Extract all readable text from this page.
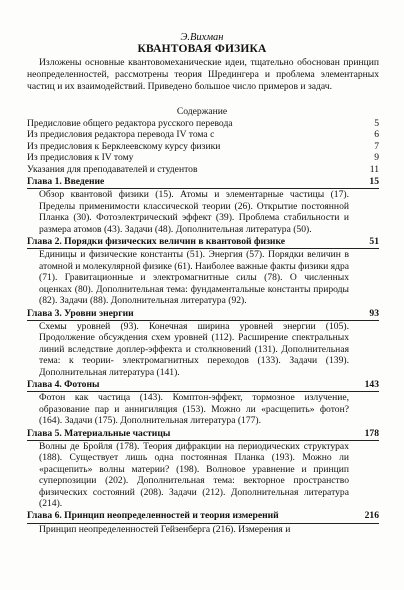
Э.Вихман
КВАНТОВАЯ ФИЗИКА
Изложены основные квантовомеханические идеи, тщательно обоснован принцип неопределенностей, рассмотрены теория Шредингера и проблема элементарных частиц и их взаимодействий. Приведено большое число примеров и задач.
Содержание
Предисловие общего редактора русского перевода	5
Из предисловия редактора перевода IV тома с	6
Из предисловия к Берклеевскому курсу физики	7
Из предисловия к IV тому	9
Указания для преподавателей и студентов	11
Глава 1. Введение	15
Обзор квантовой физики (15). Атомы и элементарные частицы (17). Пределы применимости классической теории (26). Открытие постоянной Планка (30). Фотоэлектрический эффект (39). Проблема стабильности и размера атомов (43). Задачи (48). Дополнительная литература (50).
Глава 2. Порядки физических величин в квантовой физике	51
Единицы и физические константы (51). Энергия (57). Порядки величин в атомной и молекулярной физике (61). Наиболее важные факты физики ядра (71). Гравитационные и электромагнитные силы (78). О численных оценках (80). Дополнительная тема: фундаментальные константы природы (82). Задачи (88). Дополнительная литература (92).
Глава 3. Уровни энергии	93
Схемы уровней (93). Конечная ширина уровней энергии (105). Продолжение обсуждения схем уровней (112). Расширение спектральных линий вследствие доплер-эффекта и столкновений (131). Дополнительная тема: к теории- электромагнитных переходов (133). Задачи (139). Дополнительная литература (141).
Глава 4. Фотоны	143
Фотон как частица (143). Комптон-эффект, тормозное излучение, образование пар и аннигиляция (153). Можно ли «расщепить» фотон? (164). Задачи (175). Дополнительная литература (177).
Глава 5. Материальные частицы	178
Волны де Бройля (178). Теория дифракции на периодических структурах (188). Существует лишь одна постоянная Планка (193). Можно ли «расщепить» волны материи? (198). Волновое уравнение и принцип суперпозиции (202). Дополнительная тема: векторное пространство физических состояний (208). Задачи (212). Дополнительная литература (214).
Глава 6. Принцип неопределенностей и теория измерений	216
Принцип неопределенностей Гейзенберга (216). Измерения и
